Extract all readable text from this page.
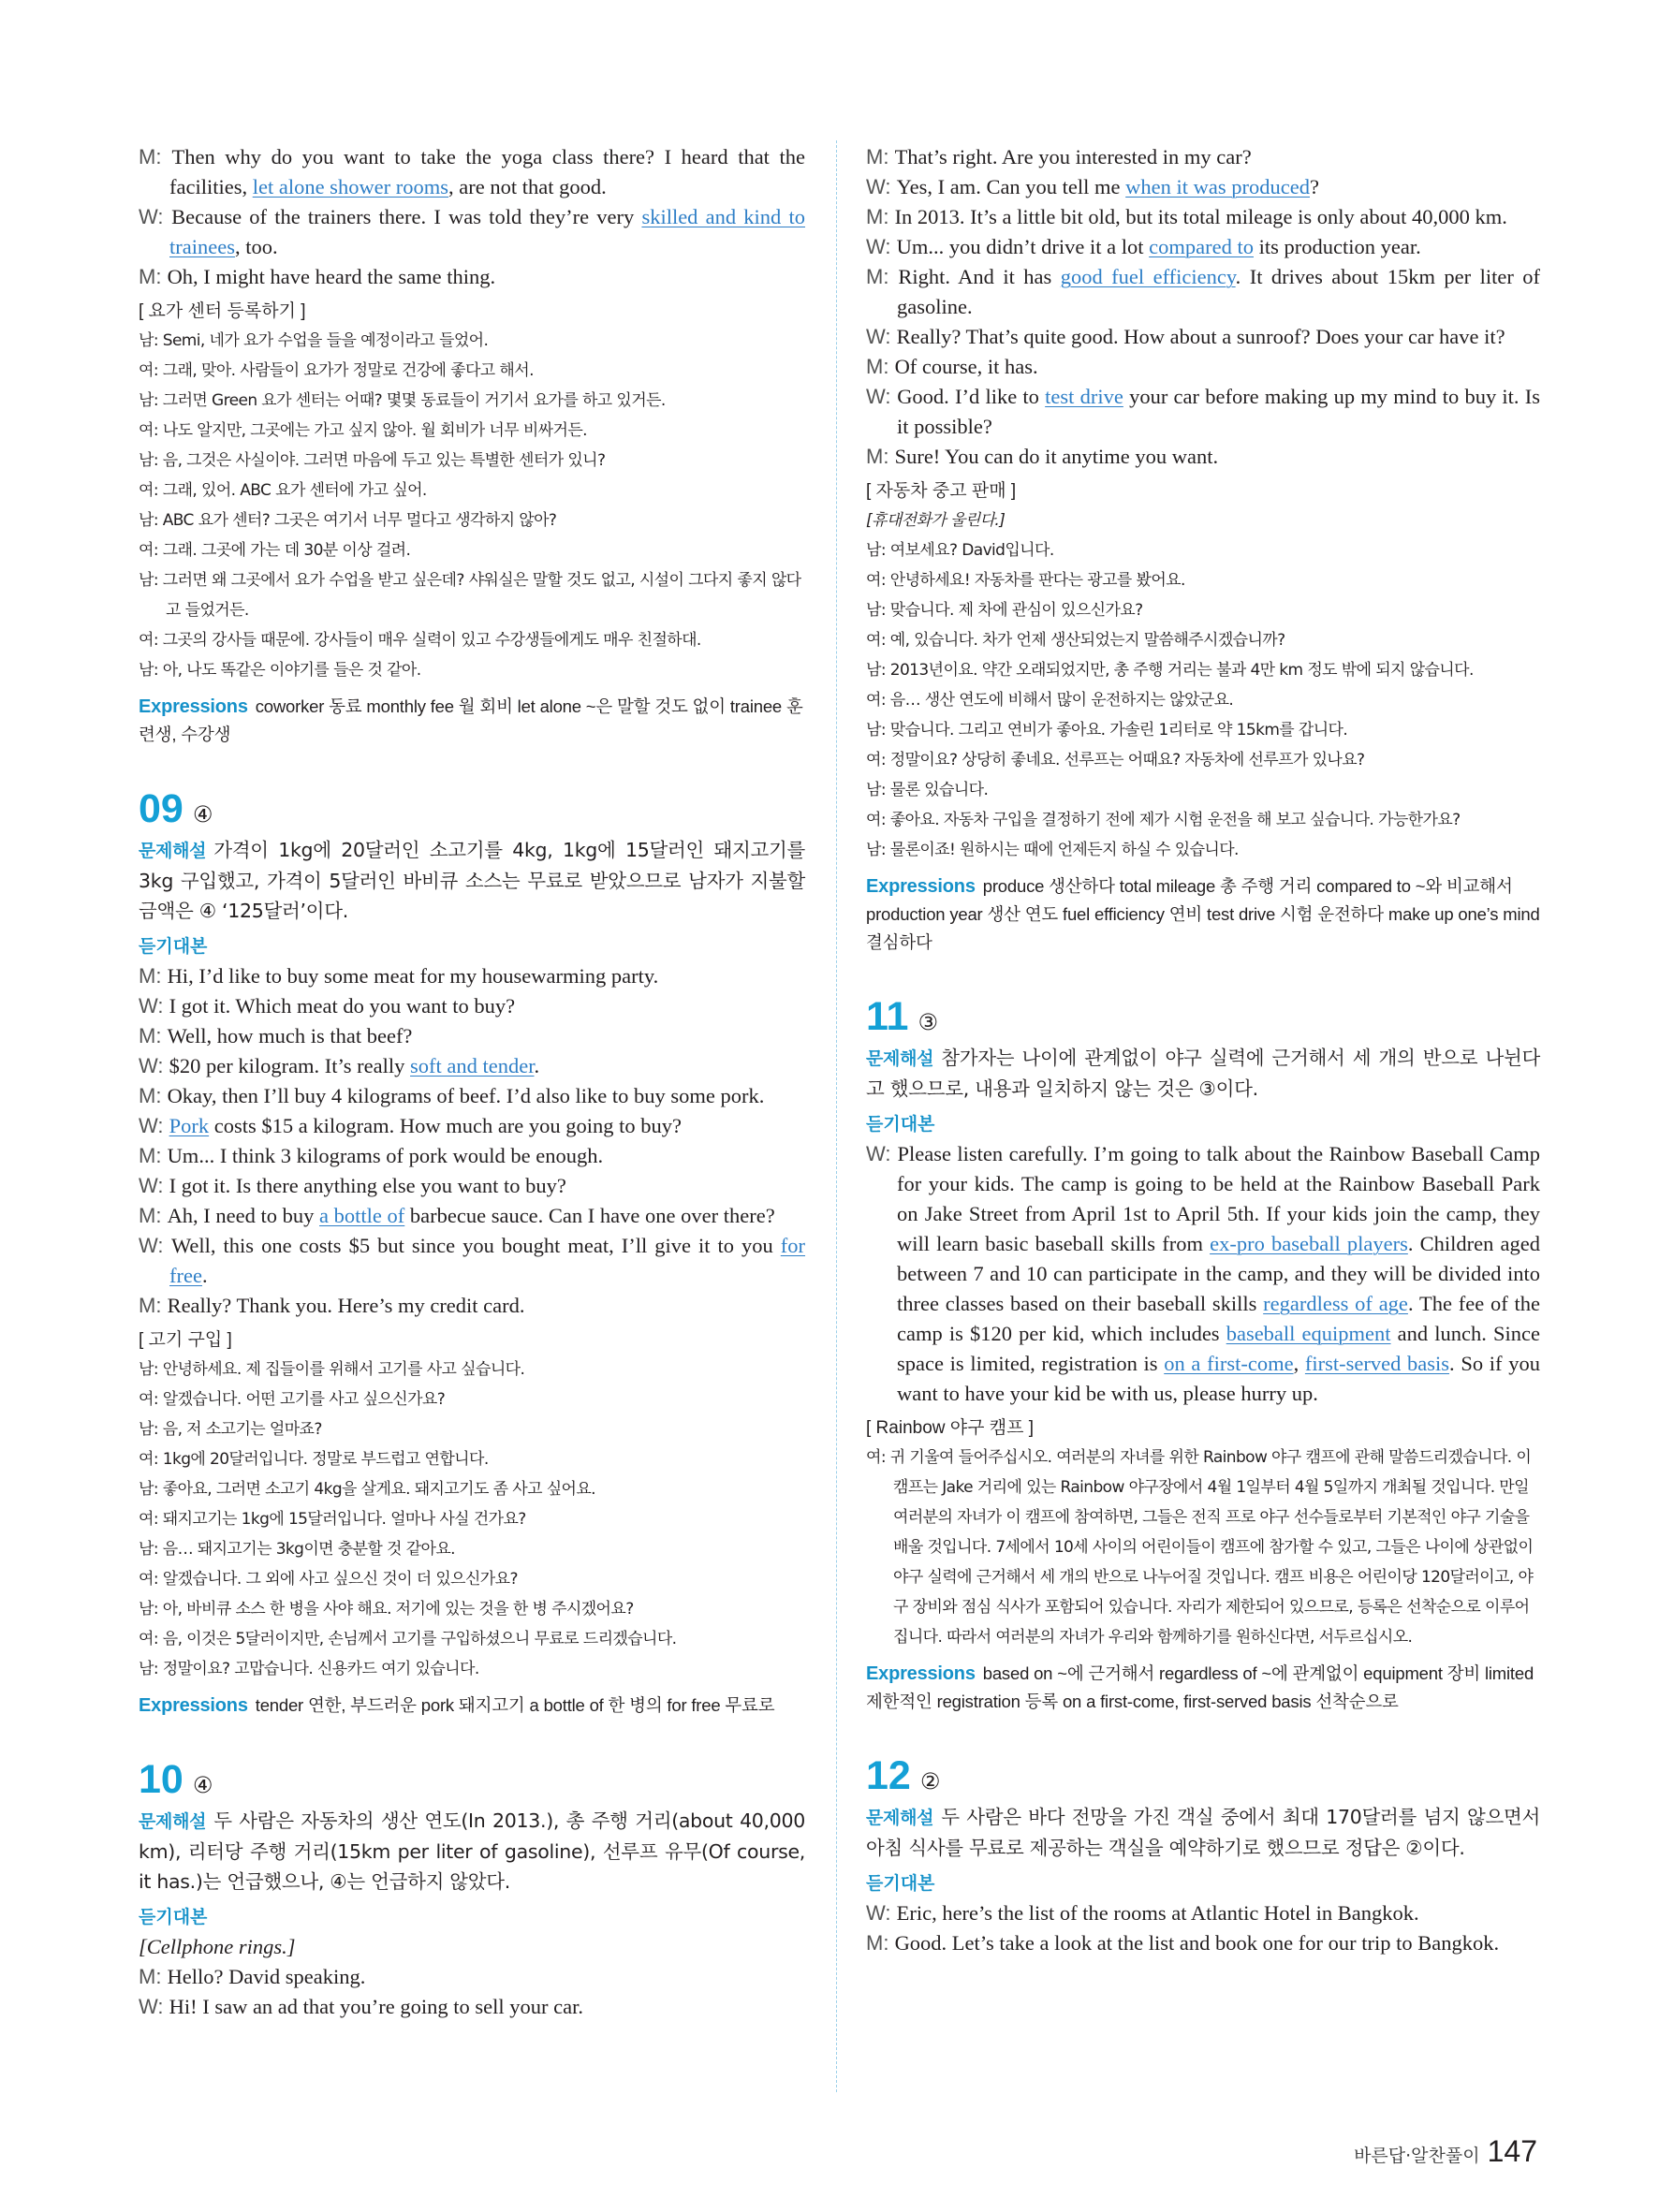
M: Then why do you want to take the yoga class there? I heard that the facilities, let alone shower rooms, are not that good.
W: Because of the trainers there. I was told they’re very skilled and kind to trainees, too.
M: Oh, I might have heard the same thing.
[ 요가 센터 등록하기 ]
남: Semi, 네가 요가 수업을 들을 예정이라고 들었어.
여: 그래, 맞아. 사람들이 요가가 정말로 건강에 좋다고 해서.
남: 그러면 Green 요가 센터는 어때? 몇몇 동료들이 거기서 요가를 하고 있거든.
여: 나도 알지만, 그곳에는 가고 싶지 않아. 월 회비가 너무 비싸거든.
남: 음, 그것은 사실이야. 그러면 마음에 두고 있는 특별한 센터가 있니?
여: 그래, 있어. ABC 요가 센터에 가고 싶어.
남: ABC 요가 센터? 그곳은 여기서 너무 멀다고 생각하지 않아?
여: 그래. 그곳에 가는 데 30분 이상 걸려.
남: 그러면 왜 그곳에서 요가 수업을 받고 싶은데? 샤워실은 말할 것도 없고, 시설이 그다지 좋지 않다고 들었거든.
여: 그곳의 강사들 때문에. 강사들이 매우 실력이 있고 수강생들에게도 매우 친절하대.
남: 아, 나도 똑같은 이야기를 들은 것 같아.
Expressions coworker 동료 monthly fee 월 회비 let alone ~은 말할 것도 없이 trainee 훈련생, 수강생
09 ④
문제해설 가격이 1kg에 20달러인 소고기를 4kg, 1kg에 15달러인 돼지고기를 3kg 구입했고, 가격이 5달러인 바비큐 소스는 무료로 받았으므로 남자가 지불할 금액은 ④ ‘125달러’이다.
듣기대본
M: Hi, I’d like to buy some meat for my housewarming party.
W: I got it. Which meat do you want to buy?
M: Well, how much is that beef?
W: $20 per kilogram. It’s really soft and tender.
M: Okay, then I’ll buy 4 kilograms of beef. I’d also like to buy some pork.
W: Pork costs $15 a kilogram. How much are you going to buy?
M: Um... I think 3 kilograms of pork would be enough.
W: I got it. Is there anything else you want to buy?
M: Ah, I need to buy a bottle of barbecue sauce. Can I have one over there?
W: Well, this one costs $5 but since you bought meat, I’ll give it to you for free.
M: Really? Thank you. Here’s my credit card.
[ 고기 구입 ]
남: 안녕하세요. 제 집들이를 위해서 고기를 사고 싶습니다.
여: 알겠습니다. 어떤 고기를 사고 싶으신가요?
남: 음, 저 소고기는 얼마죠?
여: 1kg에 20달러입니다. 정말로 부드럽고 연합니다.
남: 좋아요, 그러면 소고기 4kg을 살게요. 돼지고기도 좀 사고 싶어요.
여: 돼지고기는 1kg에 15달러입니다. 얼마나 사실 건가요?
남: 음… 돼지고기는 3kg이면 충분할 것 같아요.
여: 알겠습니다. 그 외에 사고 싶으신 것이 더 있으신가요?
남: 아, 바비큐 소스 한 병을 사야 해요. 저기에 있는 것을 한 병 주시겠어요?
여: 음, 이것은 5달러이지만, 손님께서 고기를 구입하셨으니 무료로 드리겠습니다.
남: 정말이요? 고맙습니다. 신용카드 여기 있습니다.
Expressions tender 연한, 부드러운 pork 돼지고기 a bottle of 한 병의 for free 무료로
10 ④
문제해설 두 사람은 자동차의 생산 연도(In 2013.), 총 주행 거리(about 40,000 km), 리터당 주행 거리(15km per liter of gasoline), 선루프 유무(Of course, it has.)는 언급했으나, ④는 언급하지 않았다.
듣기대본
[Cellphone rings.]
M: Hello? David speaking.
W: Hi! I saw an ad that you’re going to sell your car.
M: That’s right. Are you interested in my car?
W: Yes, I am. Can you tell me when it was produced?
M: In 2013. It’s a little bit old, but its total mileage is only about 40,000 km.
W: Um... you didn’t drive it a lot compared to its production year.
M: Right. And it has good fuel efficiency. It drives about 15km per liter of gasoline.
W: Really? That’s quite good. How about a sunroof? Does your car have it?
M: Of course, it has.
W: Good. I’d like to test drive your car before making up my mind to buy it. Is it possible?
M: Sure! You can do it anytime you want.
[ 자동차 중고 판매 ]
[휴대전화가 울린다.]
남: 여보세요? David입니다.
여: 안녕하세요! 자동차를 판다는 광고를 봤어요.
남: 맞습니다. 제 차에 관심이 있으신가요?
여: 예, 있습니다. 차가 언제 생산되었는지 말씀해주시겠습니까?
남: 2013년이요. 약간 오래되었지만, 총 주행 거리는 불과 4만 km 정도 밖에 되지 않습니다.
여: 음… 생산 연도에 비해서 많이 운전하지는 않았군요.
남: 맞습니다. 그리고 연비가 좋아요. 가솔린 1리터로 약 15km를 갑니다.
여: 정말이요? 상당히 좋네요. 선루프는 어때요? 자동차에 선루프가 있나요?
남: 물론 있습니다.
여: 좋아요. 자동차 구입을 결정하기 전에 제가 시험 운전을 해 보고 싶습니다. 가능한가요?
남: 물론이죠! 원하시는 때에 언제든지 하실 수 있습니다.
Expressions produce 생산하다 total mileage 총 주행 거리 compared to ~와 비교해서 production year 생산 연도 fuel efficiency 연비 test drive 시험 운전하다 make up one’s mind 결심하다
11 ③
문제해설 참가자는 나이에 관계없이 야구 실력에 근거해서 세 개의 반으로 나뉜다고 했으므로, 내용과 일치하지 않는 것은 ③이다.
듣기대본
W: Please listen carefully. I’m going to talk about the Rainbow Baseball Camp for your kids. The camp is going to be held at the Rainbow Baseball Park on Jake Street from April 1st to April 5th. If your kids join the camp, they will learn basic baseball skills from ex-pro baseball players. Children aged between 7 and 10 can participate in the camp, and they will be divided into three classes based on their baseball skills regardless of age. The fee of the camp is $120 per kid, which includes baseball equipment and lunch. Since space is limited, registration is on a first-come, first-served basis. So if you want to have your kid be with us, please hurry up.
[ Rainbow 야구 캠프 ]
여: 귀 기울여 들어주십시오. 여러분의 자녀를 위한 Rainbow 야구 캠프에 관해 말씀드리겠습니다. 이 캠프는 Jake 거리에 있는 Rainbow 야구장에서 4월 1일부터 4월 5일까지 개최될 것입니다. 만일 여러분의 자녀가 이 캠프에 참여하면, 그들은 전직 프로 야구 선수들로부터 기본적인 야구 기술을 배울 것입니다. 7세에서 10세 사이의 어린이들이 캠프에 참가할 수 있고, 그들은 나이에 상관없이 야구 실력에 근거해서 세 개의 반으로 나누어질 것입니다. 캠프 비용은 어린이당 120달러이고, 야구 장비와 점심 식사가 포함되어 있습니다. 자리가 제한되어 있으므로, 등록은 선착순으로 이루어집니다. 따라서 여러분의 자녀가 우리와 함께하기를 원하신다면, 서두르십시오.
Expressions based on ~에 근거해서 regardless of ~에 관계없이 equipment 장비 limited 제한적인 registration 등록 on a first-come, first-served basis 선착순으로
12 ②
문제해설 두 사람은 바다 전망을 가진 객실 중에서 최대 170달러를 넘지 않으면서 아침 식사를 무료로 제공하는 객실을 예약하기로 했으므로 정답은 ②이다.
듣기대본
W: Eric, here’s the list of the rooms at Atlantic Hotel in Bangkok.
M: Good. Let’s take a look at the list and book one for our trip to Bangkok.
바른답·알찬풀이 147
